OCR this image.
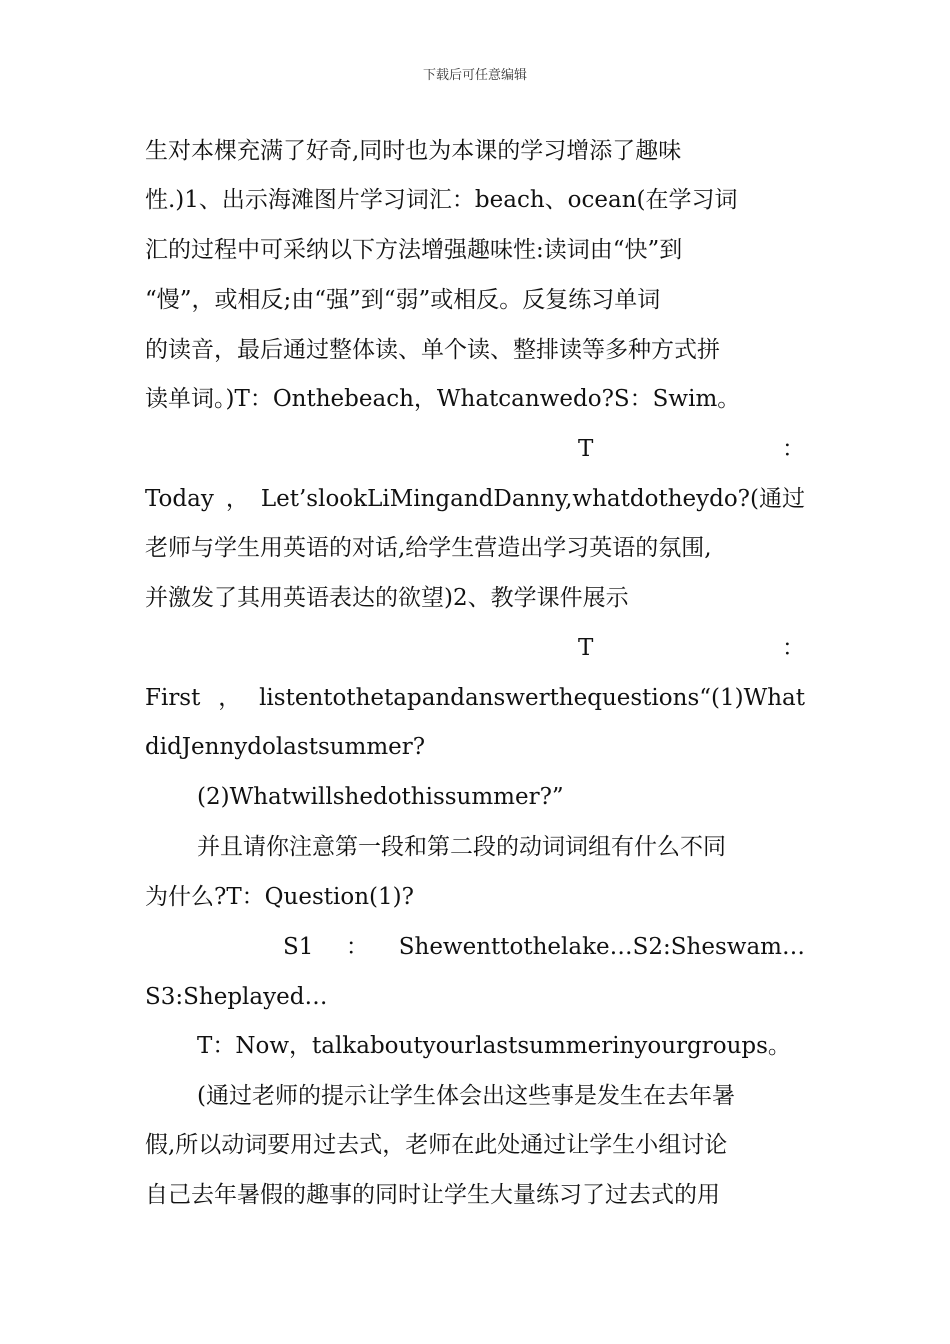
下载后可任意编辑
生对本棵充满了好奇,同时也为本课的学习增添了趣味
性.)1、出示海滩图片学习词汇：beach、ocean(在学习词
汇的过程中可采纳以下方法增强趣味性:读词由“快”到
“慢”，或相反;由“强”到“弱”或相反。反复练习单词
的读音，最后通过整体读、单个读、整排读等多种方式拼
读单词。)T：Onthebeach，Whatcanwedo?S：Swim。
T	：
Today ， Let’slookLiMingandDanny,whatdotheydo?(通过
老师与学生用英语的对话,给学生营造出学习英语的氛围,
并激发了其用英语表达的欲望)2、教学课件展示
T	：
First ， listentothetapandanswerthequestions“(1)What
didJennydolastsummer?
(2)Whatwillshedothissummer?”
并且请你注意第一段和第二段的动词词组有什么不同
为什么?T：Question(1)?
S1	：	Shewenttothelake…S2:Sheswam…
S3:Sheplayed…
T：Now，talkaboutyourlastsummerinyourgroups。
(通过老师的提示让学生体会出这些事是发生在去年暑
假,所以动词要用过去式，老师在此处通过让学生小组讨论
自己去年暑假的趣事的同时让学生大量练习了过去式的用
